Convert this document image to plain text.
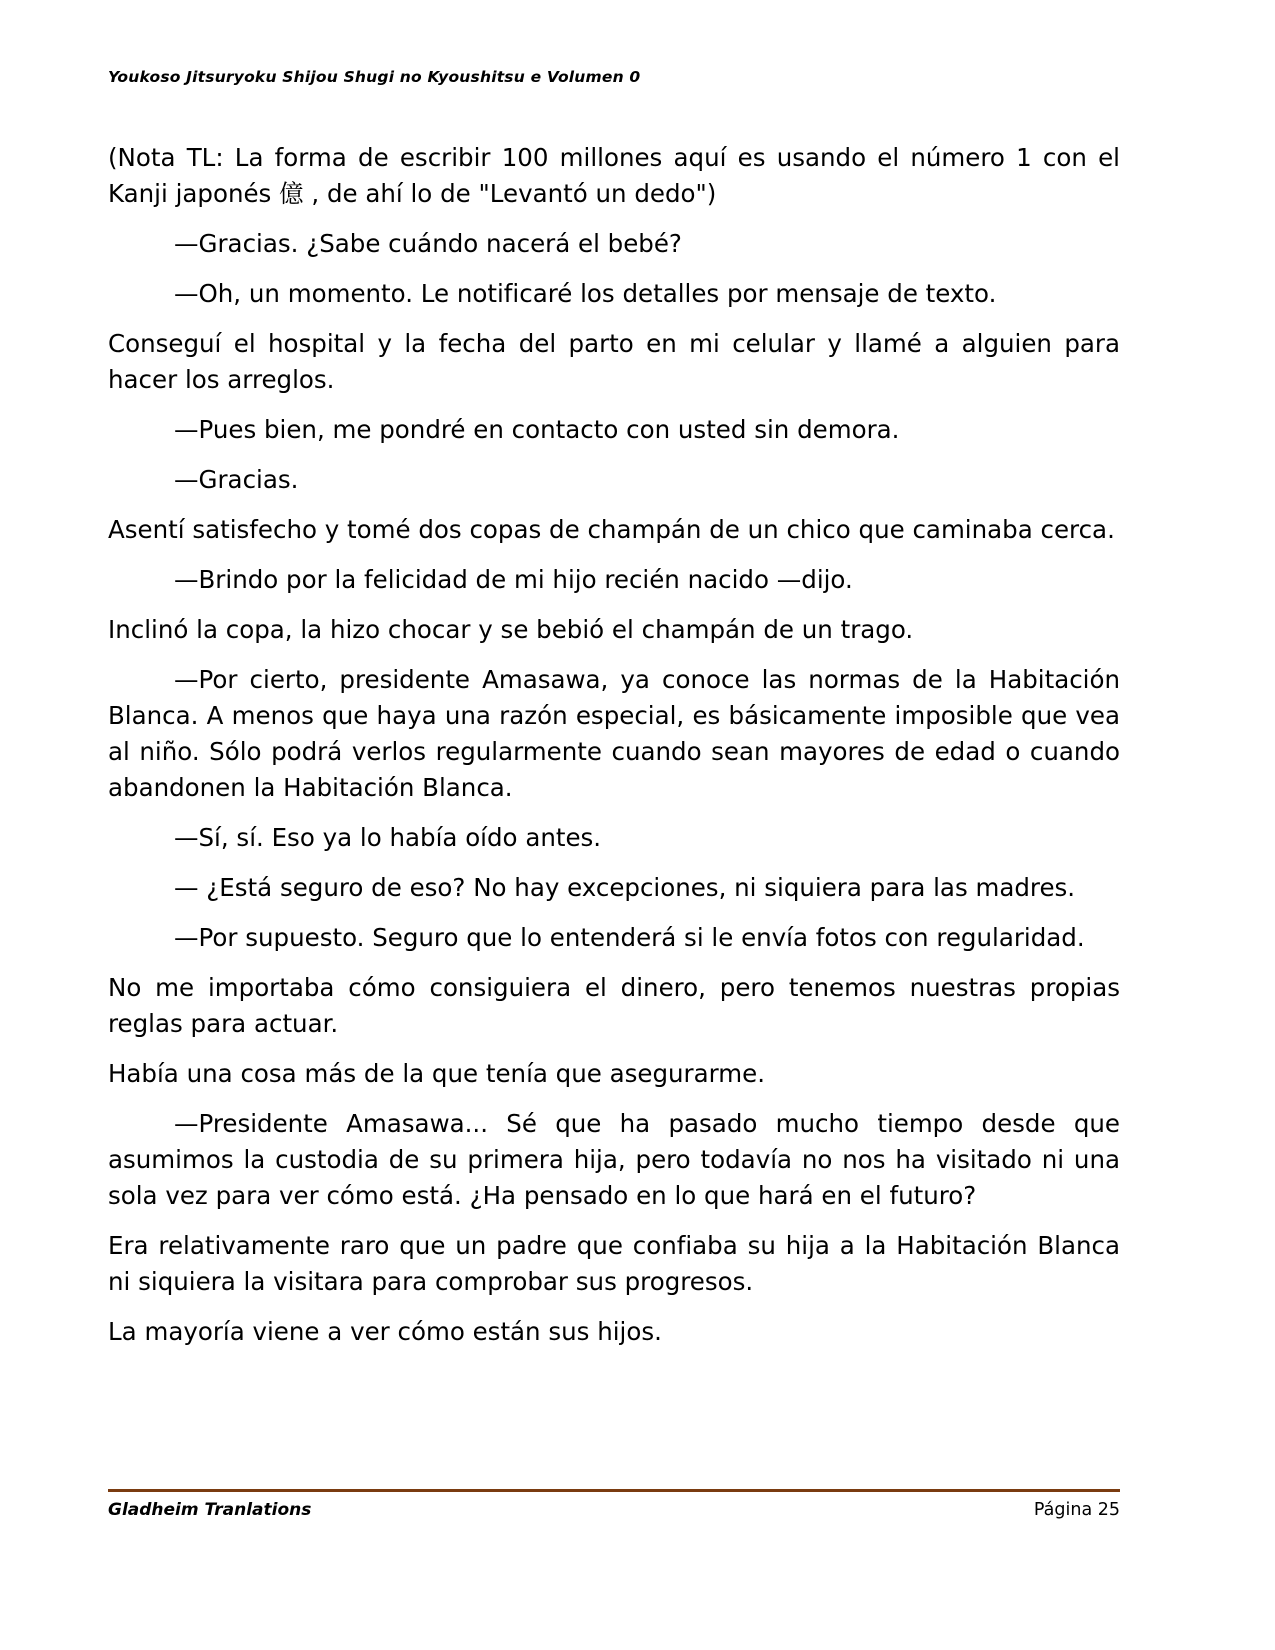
Youkoso Jitsuryoku Shijou Shugi no Kyoushitsu e Volumen 0

(Nota TL: La forma de escribir 100 millones aquí es usando el número 1 con el Kanji japonés 億 , de ahí lo de "Levantó un dedo")

—Gracias. ¿Sabe cuándo nacerá el bebé?

—Oh, un momento. Le notificaré los detalles por mensaje de texto.

Conseguí el hospital y la fecha del parto en mi celular y llamé a alguien para hacer los arreglos.

—Pues bien, me pondré en contacto con usted sin demora.

—Gracias.

Asentí satisfecho y tomé dos copas de champán de un chico que caminaba cerca.

—Brindo por la felicidad de mi hijo recién nacido —dijo.

Inclinó la copa, la hizo chocar y se bebió el champán de un trago.

—Por cierto, presidente Amasawa, ya conoce las normas de la Habitación Blanca. A menos que haya una razón especial, es básicamente imposible que vea al niño. Sólo podrá verlos regularmente cuando sean mayores de edad o cuando abandonen la Habitación Blanca.

—Sí, sí. Eso ya lo había oído antes.

— ¿Está seguro de eso? No hay excepciones, ni siquiera para las madres.

—Por supuesto. Seguro que lo entenderá si le envía fotos con regularidad.

No me importaba cómo consiguiera el dinero, pero tenemos nuestras propias reglas para actuar.

Había una cosa más de la que tenía que asegurarme.

—Presidente Amasawa... Sé que ha pasado mucho tiempo desde que asumimos la custodia de su primera hija, pero todavía no nos ha visitado ni una sola vez para ver cómo está. ¿Ha pensado en lo que hará en el futuro?

Era relativamente raro que un padre que confiaba su hija a la Habitación Blanca ni siquiera la visitara para comprobar sus progresos.

La mayoría viene a ver cómo están sus hijos.

Gladheim Tranlations	Página 25
